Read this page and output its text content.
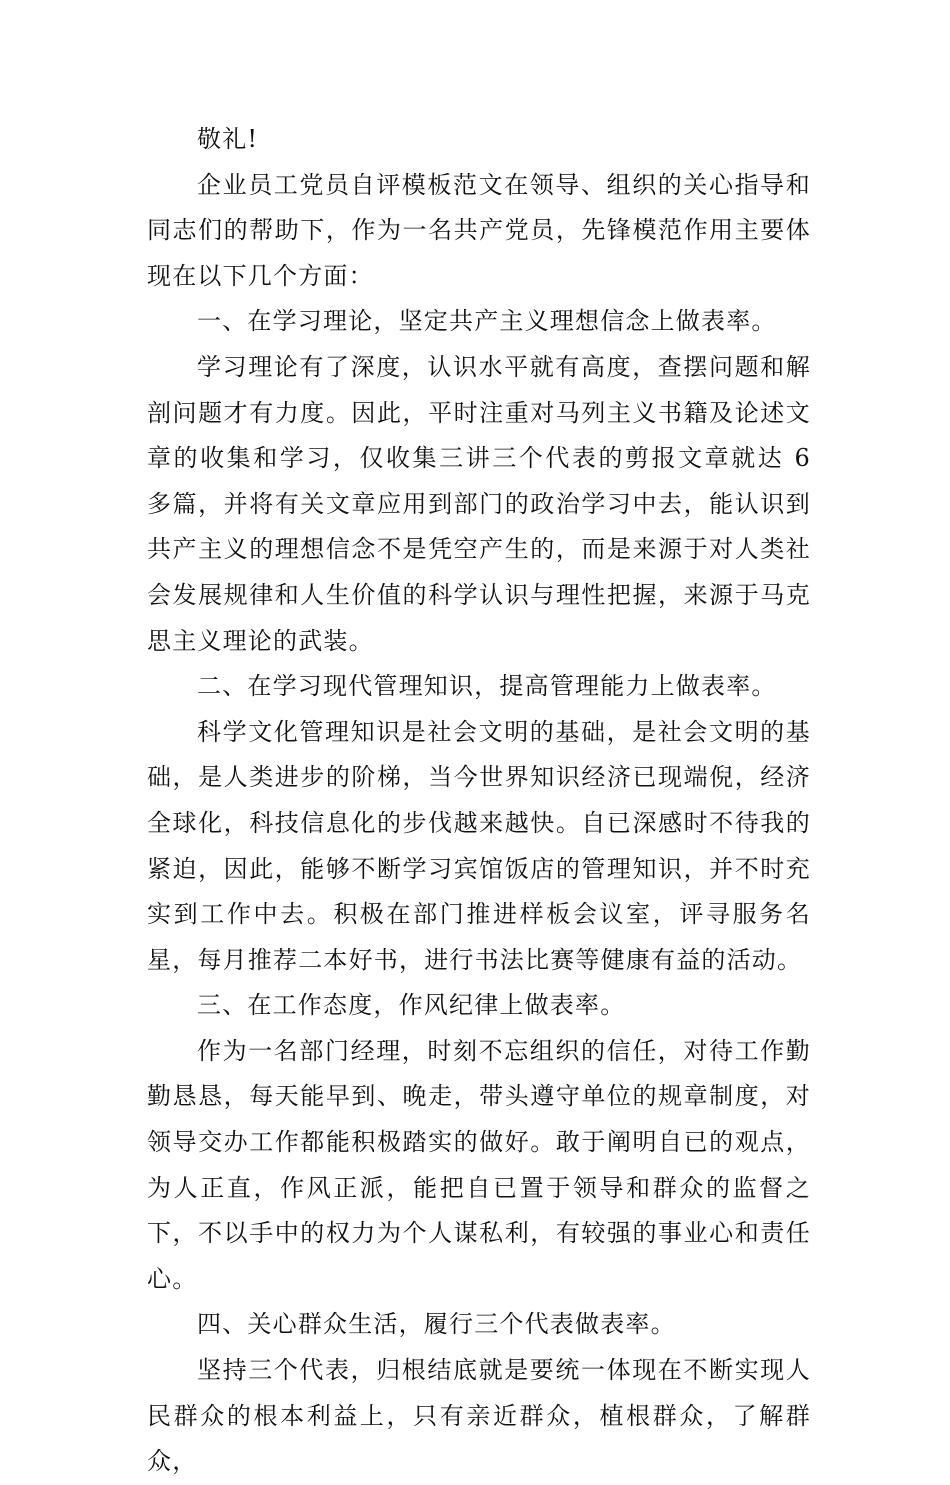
敬礼!

企业员工党员自评模板范文在领导、组织的关心指导和同志们的帮助下，作为一名共产党员，先锋模范作用主要体现在以下几个方面：

一、在学习理论，坚定共产主义理想信念上做表率。

学习理论有了深度，认识水平就有高度，查摆问题和解剖问题才有力度。因此，平时注重对马列主义书籍及论述文章的收集和学习，仅收集三讲三个代表的剪报文章就达 6 多篇，并将有关文章应用到部门的政治学习中去，能认识到共产主义的理想信念不是凭空产生的，而是来源于对人类社会发展规律和人生价值的科学认识与理性把握，来源于马克思主义理论的武装。

二、在学习现代管理知识，提高管理能力上做表率。

科学文化管理知识是社会文明的基础，是社会文明的基础，是人类进步的阶梯，当今世界知识经济已现端倪，经济全球化，科技信息化的步伐越来越快。自已深感时不待我的紧迫，因此，能够不断学习宾馆饭店的管理知识，并不时充实到工作中去。积极在部门推进样板会议室，评寻服务名星，每月推荐二本好书，进行书法比赛等健康有益的活动。

三、在工作态度，作风纪律上做表率。

作为一名部门经理，时刻不忘组织的信任，对待工作勤勤恳恳，每天能早到、晚走，带头遵守单位的规章制度，对领导交办工作都能积极踏实的做好。敢于阐明自已的观点，为人正直，作风正派，能把自已置于领导和群众的监督之下，不以手中的权力为个人谋私利，有较强的事业心和责任心。

四、关心群众生活，履行三个代表做表率。

坚持三个代表，归根结底就是要统一体现在不断实现人民群众的根本利益上，只有亲近群众，植根群众，了解群众，
